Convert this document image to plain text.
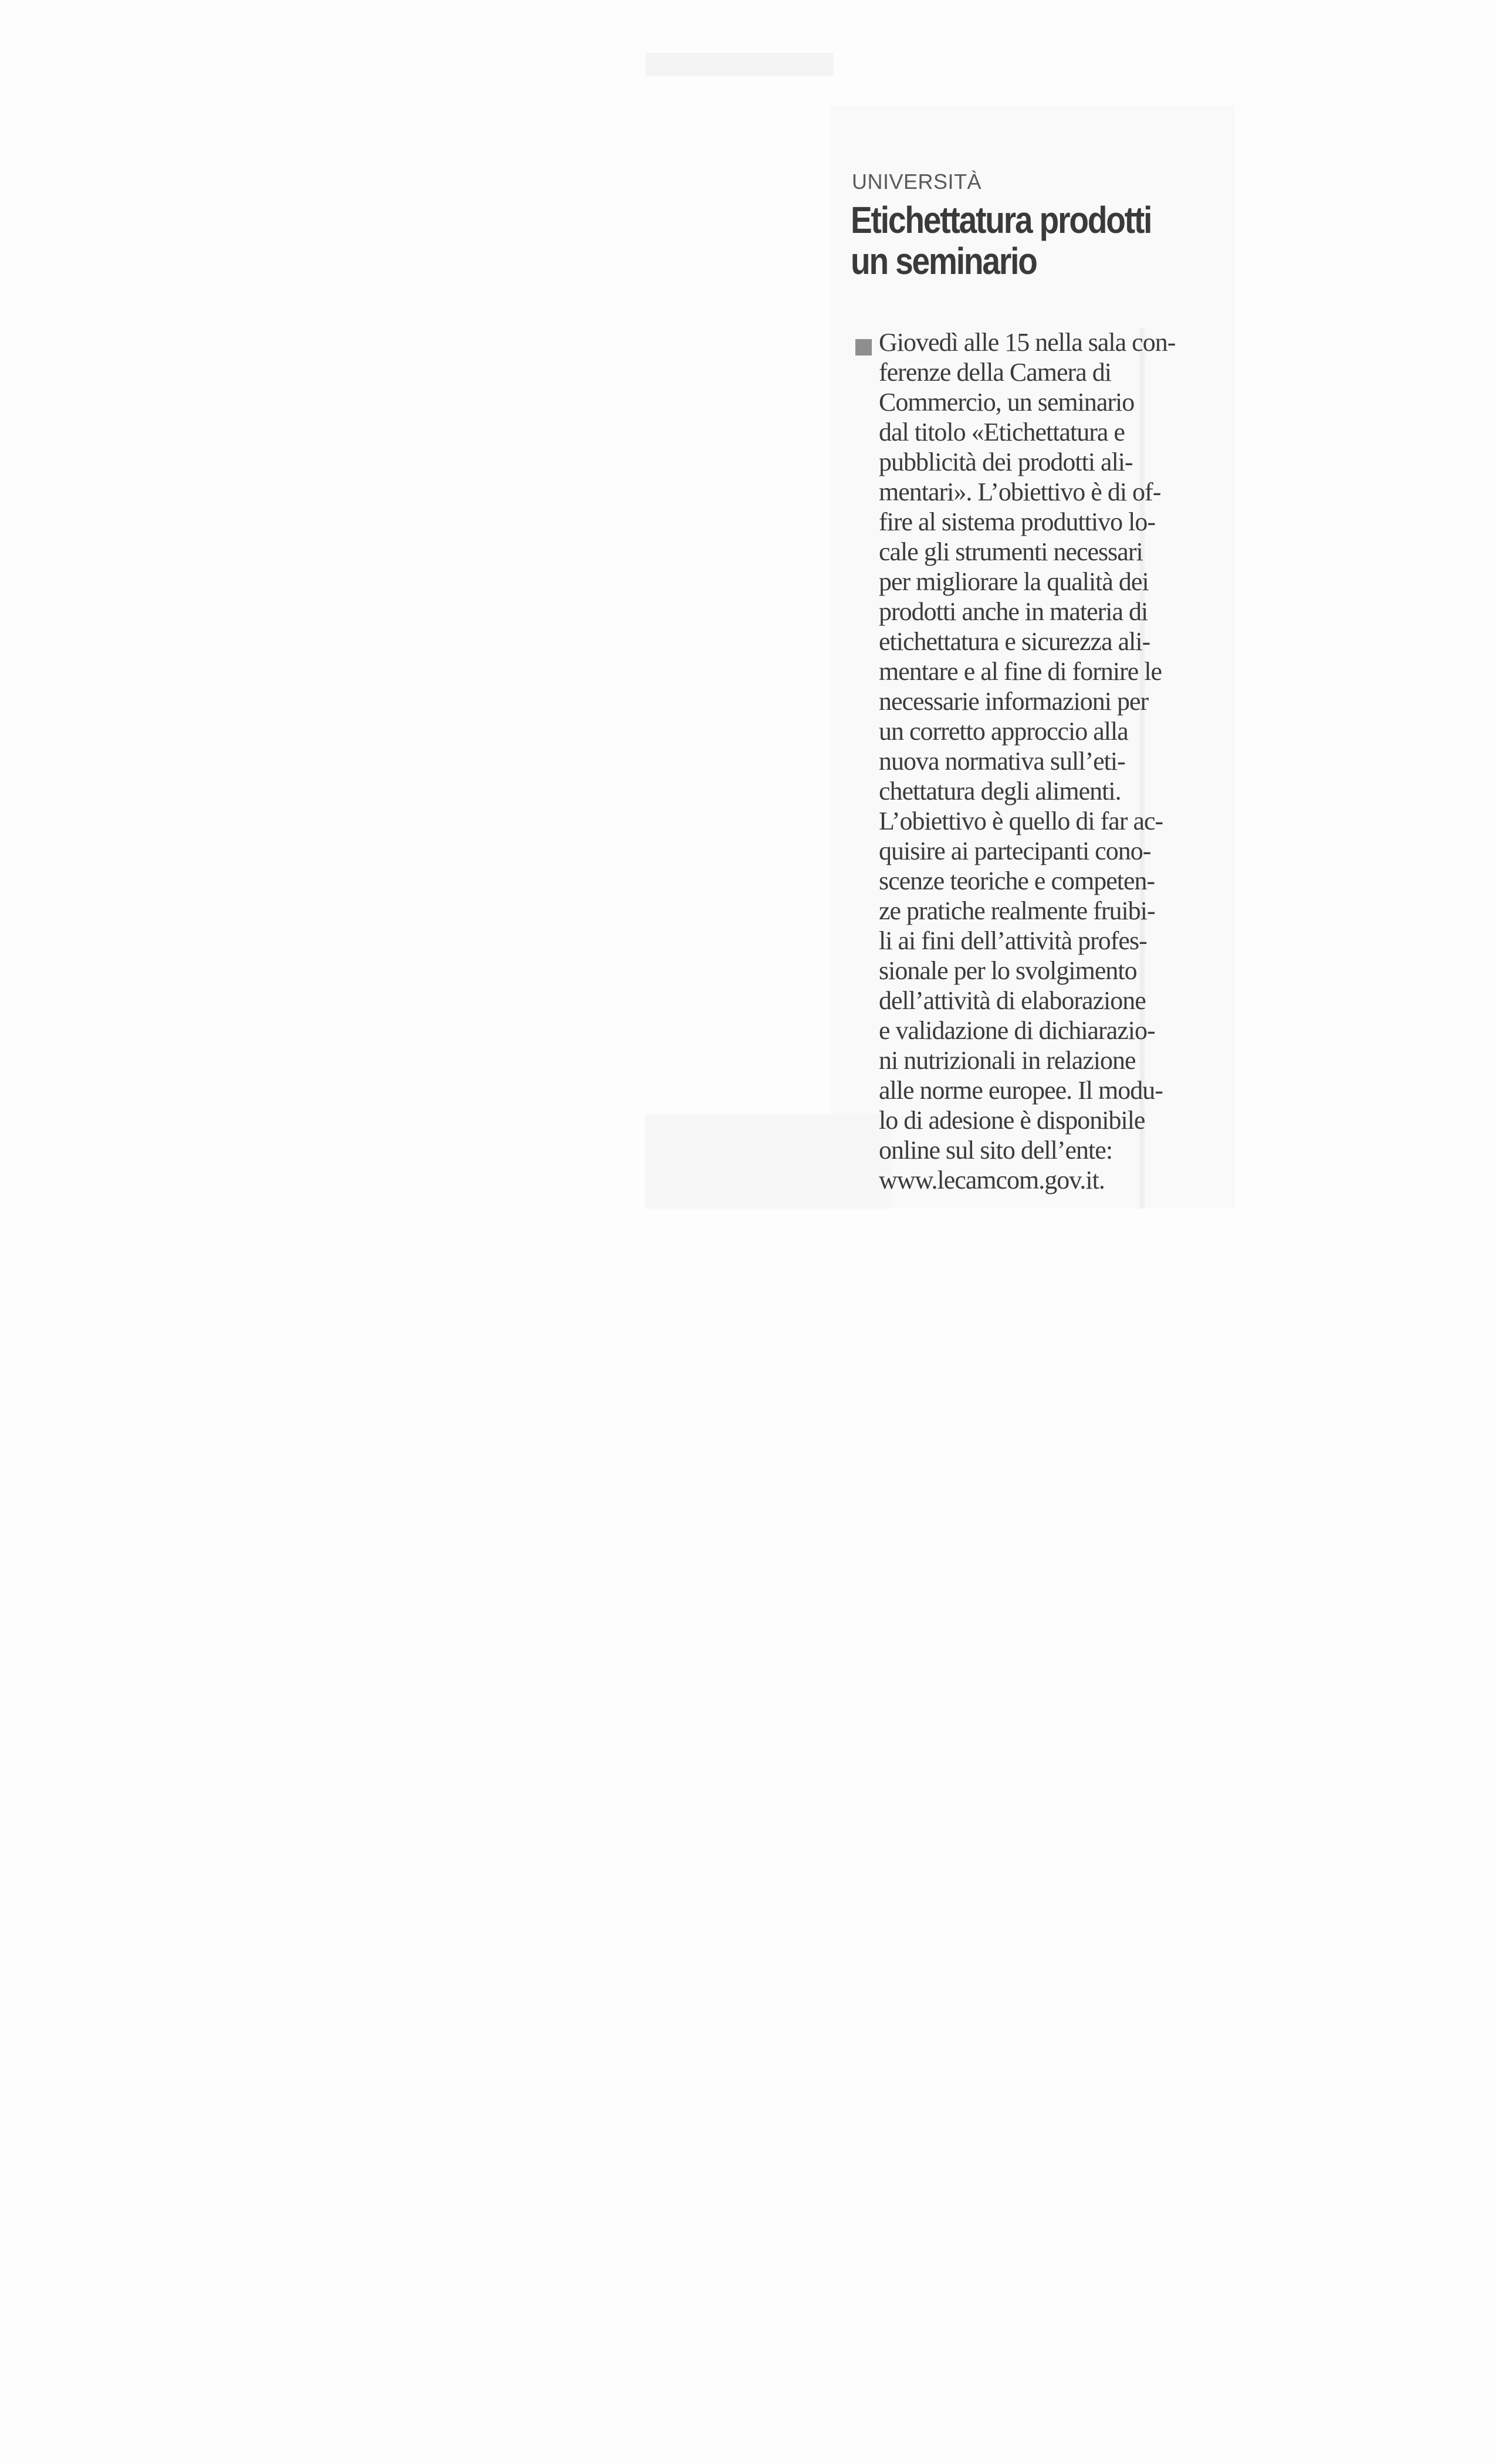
UNIVERSITÀ
Etichettatura prodotti
un seminario
Giovedì alle 15 nella sala con-
ferenze della Camera di
Commercio, un seminario
dal titolo «Etichettatura e
pubblicità dei prodotti ali-
mentari». L’obiettivo è di of-
fire al sistema produttivo lo-
cale gli strumenti necessari
per migliorare la qualità dei
prodotti anche in materia di
etichettatura e sicurezza ali-
mentare e al fine di fornire le
necessarie informazioni per
un corretto approccio alla
nuova normativa sull’eti-
chettatura degli alimenti.
L’obiettivo è quello di far ac-
quisire ai partecipanti cono-
scenze teoriche e competen-
ze pratiche realmente fruibi-
li ai fini dell’attività profes-
sionale per lo svolgimento
dell’attività di elaborazione
e validazione di dichiarazio-
ni nutrizionali in relazione
alle norme europee. Il modu-
lo di adesione è disponibile
online sul sito dell’ente:
www.lecamcom.gov.it.
